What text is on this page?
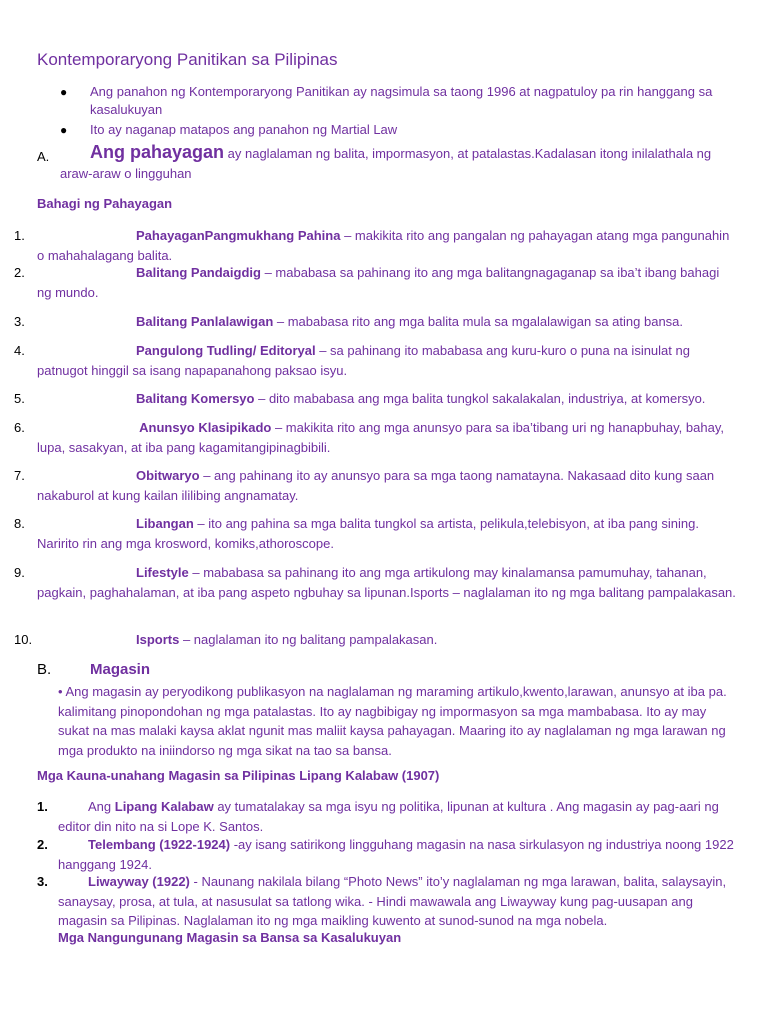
Kontemporaryong Panitikan sa Pilipinas
● Ang panahon ng Kontemporaryong Panitikan ay nagsimula sa taong 1996 at nagpatuloy pa rin hanggang sa kasalukuyan
● Ito ay naganap matapos ang panahon ng Martial Law
A.	Ang pahayagan ay naglalaman ng balita, impormasyon, at patalastas.Kadalasan itong inilalathala ng araw-araw o lingguhan
Bahagi ng Pahayagan
1.	PahayaganPangmukhang Pahina – makikita rito ang pangalan ng pahayagan atang mga pangunahin o mahahalagang balita.
2.	Balitang Pandaigdig – mababasa sa pahinang ito ang mga balitangnagaganap sa iba’t ibang bahagi ng mundo.
3.	Balitang Panlalawigan – mababasa rito ang mga balita mula sa mgalalawigan sa ating bansa.
4.	Pangulong Tudling/ Editoryal – sa pahinang ito mababasa ang kuru-kuro o puna na isinulat ng patnugot hinggil sa isang napapanahong paksao isyu.
5.	Balitang Komersyo – dito mababasa ang mga balita tungkol sakalakalan, industriya, at komersyo.
6.	Anunsyo Klasipikado – makikita rito ang mga anunsyo para sa iba’tibang uri ng hanapbuhay, bahay, lupa, sasakyan, at iba pang kagamitangipinagbibili.
7.	Obitwaryo – ang pahinang ito ay anunsyo para sa mga taong namatayna. Nakasaad dito kung saan nakaburol at kung kailan ililibing angnamatay.
8.	Libangan – ito ang pahina sa mga balita tungkol sa artista, pelikula,telebisyon, at iba pang sining. Naririto rin ang mga krosword, komiks,athoroscope.
9.	Lifestyle – mababasa sa pahinang ito ang mga artikulong may kinalamansa pamumuhay, tahanan, pagkain, paghahalaman, at iba pang aspeto ngbuhay sa lipunan.Isports – naglalaman ito ng mga balitang pampalakasan.
10.	Isports – naglalaman ito ng balitang pampalakasan.
B.	Magasin
• Ang magasin ay peryodikong publikasyon na naglalaman ng maraming artikulo,kwento,larawan, anunsyo at iba pa. kalimitang pinopondohan ng mga patalastas. Ito ay nagbibigay ng impormasyon sa mga mambabasa. Ito ay may sukat na mas malaki kaysa aklat ngunit mas maliit kaysa pahayagan. Maaring ito ay naglalaman ng mga larawan ng mga produkto na iniindorso ng mga sikat na tao sa bansa.
Mga Kauna-unahang Magasin sa Pilipinas Lipang Kalabaw (1907)
1.	Ang Lipang Kalabaw ay tumatalakay sa mga isyu ng politika, lipunan at kultura . Ang magasin ay pag-aari ng editor din nito na si Lope K. Santos.
2.	Telembang (1922-1924) -ay isang satirikong lingguhang magasin na nasa sirkulasyon ng industriya noong 1922 hanggang 1924.
3.	Liwayway (1922) - Naunang nakilala bilang “Photo News” ito’y naglalaman ng mga larawan, balita, salaysayin, sanaysay, prosa, at tula, at nasusulat sa tatlong wika. - Hindi mawawala ang Liwayway kung pag-uusapan ang magasin sa Pilipinas. Naglalaman ito ng mga maikling kuwento at sunod-sunod na mga nobela.
Mga Nangungunang Magasin sa Bansa sa Kasalukuyan
